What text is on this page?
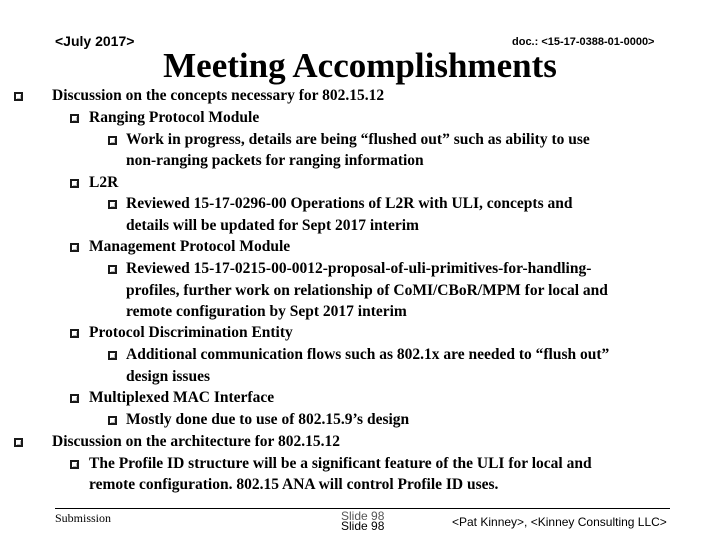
<July 2017>	doc.: <15-17-0388-01-0000>
Meeting Accomplishments
Discussion on the concepts necessary for 802.15.12
Ranging Protocol Module
Work in progress, details are being “flushed out” such as ability to use
non-ranging packets for ranging information
L2R
Reviewed 15-17-0296-00 Operations of L2R with ULI, concepts and
details will be updated for Sept 2017 interim
Management Protocol Module
Reviewed 15-17-0215-00-0012-proposal-of-uli-primitives-for-handling-
profiles, further work on relationship of CoMI/CBoR/MPM for local and
remote configuration by Sept 2017 interim
Protocol Discrimination Entity
Additional communication flows such as 802.1x are needed to “flush out”
design issues
Multiplexed MAC Interface
Mostly done due to use of 802.15.9’s design
Discussion on the architecture for 802.15.12
The Profile ID structure will be a significant feature of the ULI for local and
remote configuration. 802.15 ANA will control Profile ID uses.
Submission	Slide 98
Slide 98	<Pat Kinney>, <Kinney Consulting LLC>
